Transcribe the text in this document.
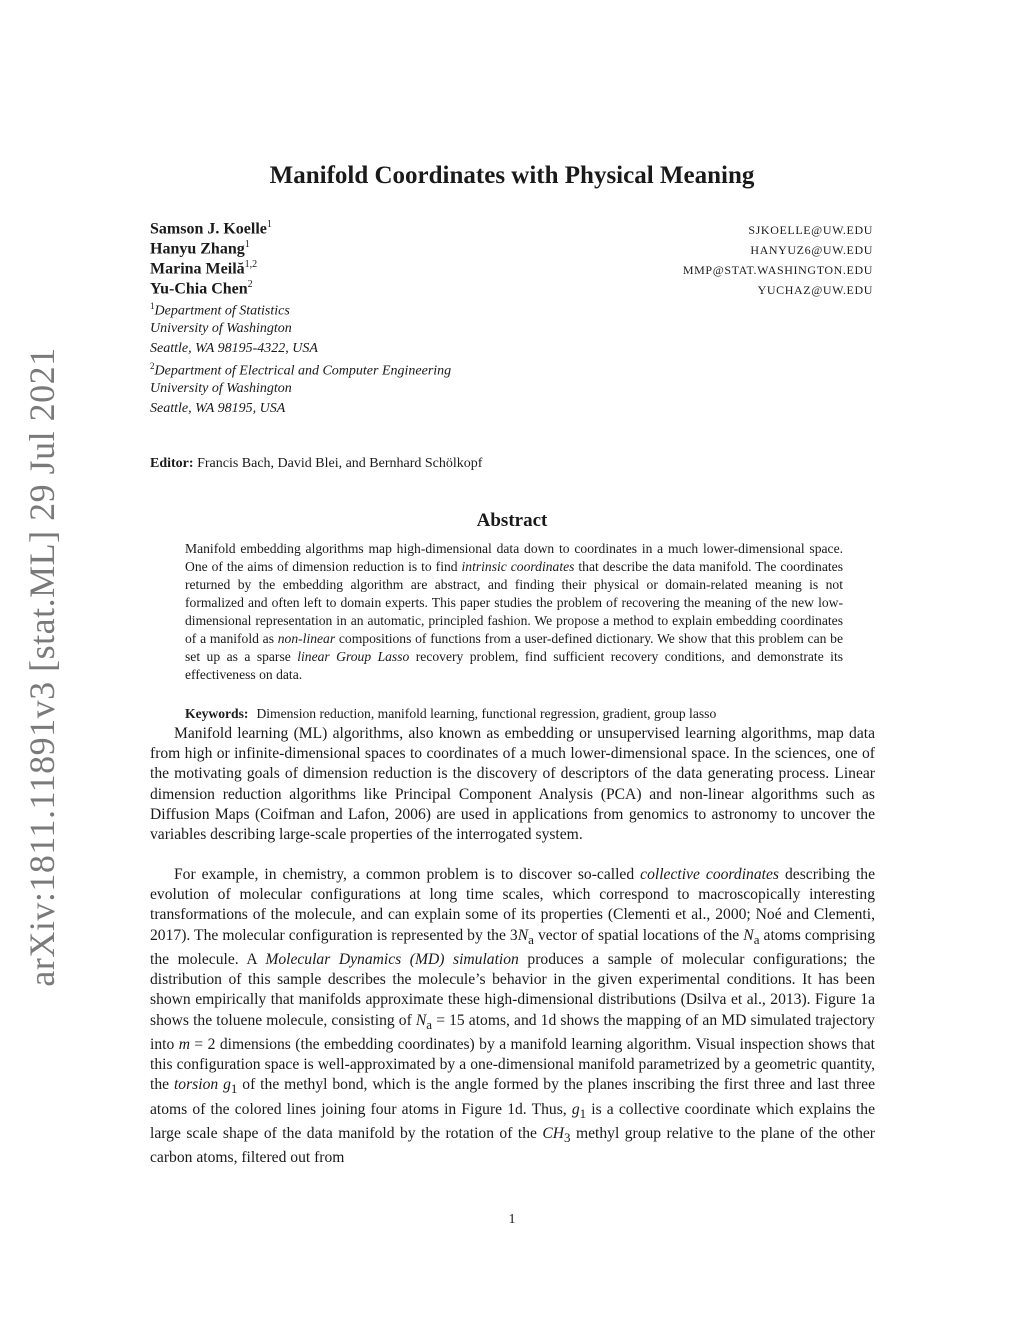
arXiv:1811.11891v3 [stat.ML] 29 Jul 2021
Manifold Coordinates with Physical Meaning
Samson J. Koelle$^1$	SJKOELLE@UW.EDU
Hanyu Zhang$^1$	HANYUZ6@UW.EDU
Marina Meilă$^{1,2}$	MMP@STAT.WASHINGTON.EDU
Yu-Chia Chen$^2$	YUCHAZ@UW.EDU
$^1$Department of Statistics
University of Washington
Seattle, WA 98195-4322, USA
$^2$Department of Electrical and Computer Engineering
University of Washington
Seattle, WA 98195, USA
Editor: Francis Bach, David Blei, and Bernhard Schölkopf
Abstract

Manifold embedding algorithms map high-dimensional data down to coordinates in a much lower-dimensional space. One of the aims of dimension reduction is to find intrinsic coordinates that describe the data manifold. The coordinates returned by the embedding algorithm are abstract, and finding their physical or domain-related meaning is not formalized and often left to domain experts. This paper studies the problem of recovering the meaning of the new low-dimensional representation in an automatic, principled fashion. We propose a method to explain embedding coordinates of a manifold as non-linear compositions of functions from a user-defined dictionary. We show that this problem can be set up as a sparse linear Group Lasso recovery problem, find sufficient recovery conditions, and demonstrate its effectiveness on data.

Keywords: Dimension reduction, manifold learning, functional regression, gradient, group lasso

Manifold learning (ML) algorithms, also known as embedding or unsupervised learning algorithms, map data from high or infinite-dimensional spaces to coordinates of a much lower-dimensional space. In the sciences, one of the motivating goals of dimension reduction is the discovery of descriptors of the data generating process. Linear dimension reduction algorithms like Principal Component Analysis (PCA) and non-linear algorithms such as Diffusion Maps (Coifman and Lafon, 2006) are used in applications from genomics to astronomy to uncover the variables describing large-scale properties of the interrogated system.

For example, in chemistry, a common problem is to discover so-called collective coordinates describing the evolution of molecular configurations at long time scales, which correspond to macroscopically interesting transformations of the molecule, and can explain some of its properties (Clementi et al., 2000; Noé and Clementi, 2017). The molecular configuration is represented by the $3N_a$ vector of spatial locations of the $N_a$ atoms comprising the molecule. A Molecular Dynamics (MD) simulation produces a sample of molecular configurations; the distribution of this sample describes the molecule’s behavior in the given experimental conditions. It has been shown empirically that manifolds approximate these high-dimensional distributions (Dsilva et al., 2013). Figure 1a shows the toluene molecule, consisting of $N_a = 15$ atoms, and 1d shows the mapping of an MD simulated trajectory into m = 2 dimensions (the embedding coordinates) by a manifold learning algorithm. Visual inspection shows that this configuration space is well-approximated by a one-dimensional manifold parametrized by a geometric quantity, the torsion $g_1$ of the methyl bond, which is the angle formed by the planes inscribing the first three and last three atoms of the colored lines joining four atoms in Figure 1d. Thus, $g_1$ is a collective coordinate which explains the large scale shape of the data manifold by the rotation of the $CH_3$ methyl group relative to the plane of the other carbon atoms, filtered out from

1
